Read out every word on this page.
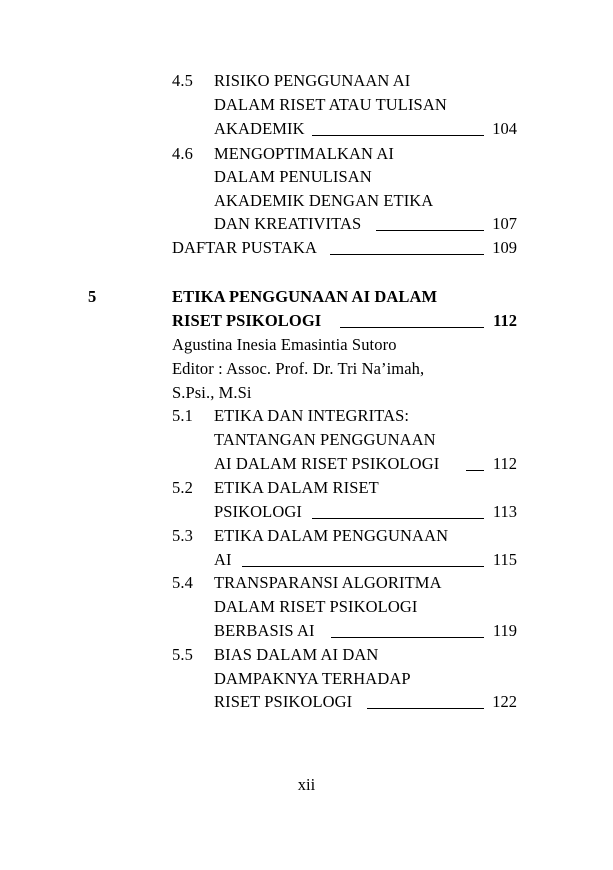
4.5 RISIKO PENGGUNAAN AI
DALAM RISET ATAU TULISAN
AKADEMIK	104
4.6 MENGOPTIMALKAN AI
DALAM PENULISAN
AKADEMIK DENGAN ETIKA
DAN KREATIVITAS	107
DAFTAR PUSTAKA	109
5	ETIKA PENGGUNAAN AI DALAM
RISET PSIKOLOGI	112
Agustina Inesia Emasintia Sutoro
Editor : Assoc. Prof. Dr. Tri Na’imah,
S.Psi., M.Si
5.1 ETIKA DAN INTEGRITAS:
TANTANGAN PENGGUNAAN
AI DALAM RISET PSIKOLOGI	112
5.2 ETIKA DALAM RISET
PSIKOLOGI	113
5.3 ETIKA DALAM PENGGUNAAN
AI	115
5.4 TRANSPARANSI ALGORITMA
DALAM RISET PSIKOLOGI
BERBASIS AI	119
5.5 BIAS DALAM AI DAN
DAMPAKNYA TERHADAP
RISET PSIKOLOGI	122
xii
